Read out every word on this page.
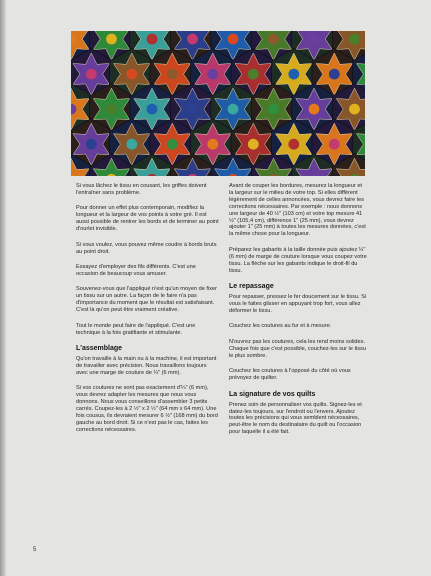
Si vous lâchez le tissu en cousant, les griffes doivent l'entraîner sans problème.

Pour donner un effet plus contemporain, modifiez la longueur et la largeur de vos points à votre gré. Il est aussi possible de rentrer les bords et de terminer au point d'ourlet invisible.

Si vous voulez, vous pouvez même coudre à bords bruts au point droit.

Essayez d'employer des fils différents. C'est une occasion de beaucoup vous amuser.

Souvenez-vous que l'appliqué n'est qu'un moyen de fixer un tissu sur un autre. La façon de le faire n'a pas d'importance du moment que le résultat est satisfaisant. C'est là qu'on peut être vraiment créative.

Tout le monde peut faire de l'appliqué. C'est une technique à la fois gratifiante et stimulante.

L'assemblage

Qu'on travaille à la main ou à la machine, il est important de travailler avec précision. Nous travaillons toujours avec une marge de couture de ¼" (6 mm).

Si vos coutures ne sont pas exactement d'¼" (6 mm), vous devrez adapter les mesures que nous vous donnons. Nous vous conseillons d'assembler 3 petits carrés. Coupez-les à 2 ½" x 2 ½" (64 mm x 64 mm). Une fois cousus, ils devraient mesurer 6 ½" (168 mm) du bord gauche au bord droit. Si ce n'est pas le cas, faites les corrections nécessaires.

Avant de couper les bordures, mesurez la longueur et la largeur sur le milieu de votre top. Si elles diffèrent légèrement de celles annoncées, vous devrez faire les corrections nécessaires. Par exemple : nous donnons une largeur de 40 ½" (103 cm) et votre top mesure 41 ½" (105,4 cm), différence 1" (25 mm), vous devrez ajouter 1" (25 mm) à toutes les mesures données, c'est la même chose pour la longueur.

Préparez les gabarits à la taille donnée puis ajoutez ¼" (6 mm) de marge de couture lorsque vous coupez votre tissu. La flèche sur les gabarits indique le droit-fil du tissu.

Le repassage

Pour repasser, pressez le fer doucement sur le tissu. Si vous le faites glisser en appuyant trop fort, vous allez déformer le tissu.

Couchez les coutures au fur et à mesure.

N'ouvrez pas les coutures, cela les rend moins solides. Chaque fois que c'est possible, couchez-les sur le tissu le plus sombre.

Couchez les coutures à l'opposé du côté où vous prévoyez de quilter.

La signature de vos quilts

Prenez soin de personnaliser vos quilts. Signez-les et datez-les toujours, sur l'endroit ou l'envers. Ajoutez toutes les précisions qui vous semblent nécessaires, peut-être le nom du destinataire du quilt ou l'occasion pour laquelle il a été fait.

5
